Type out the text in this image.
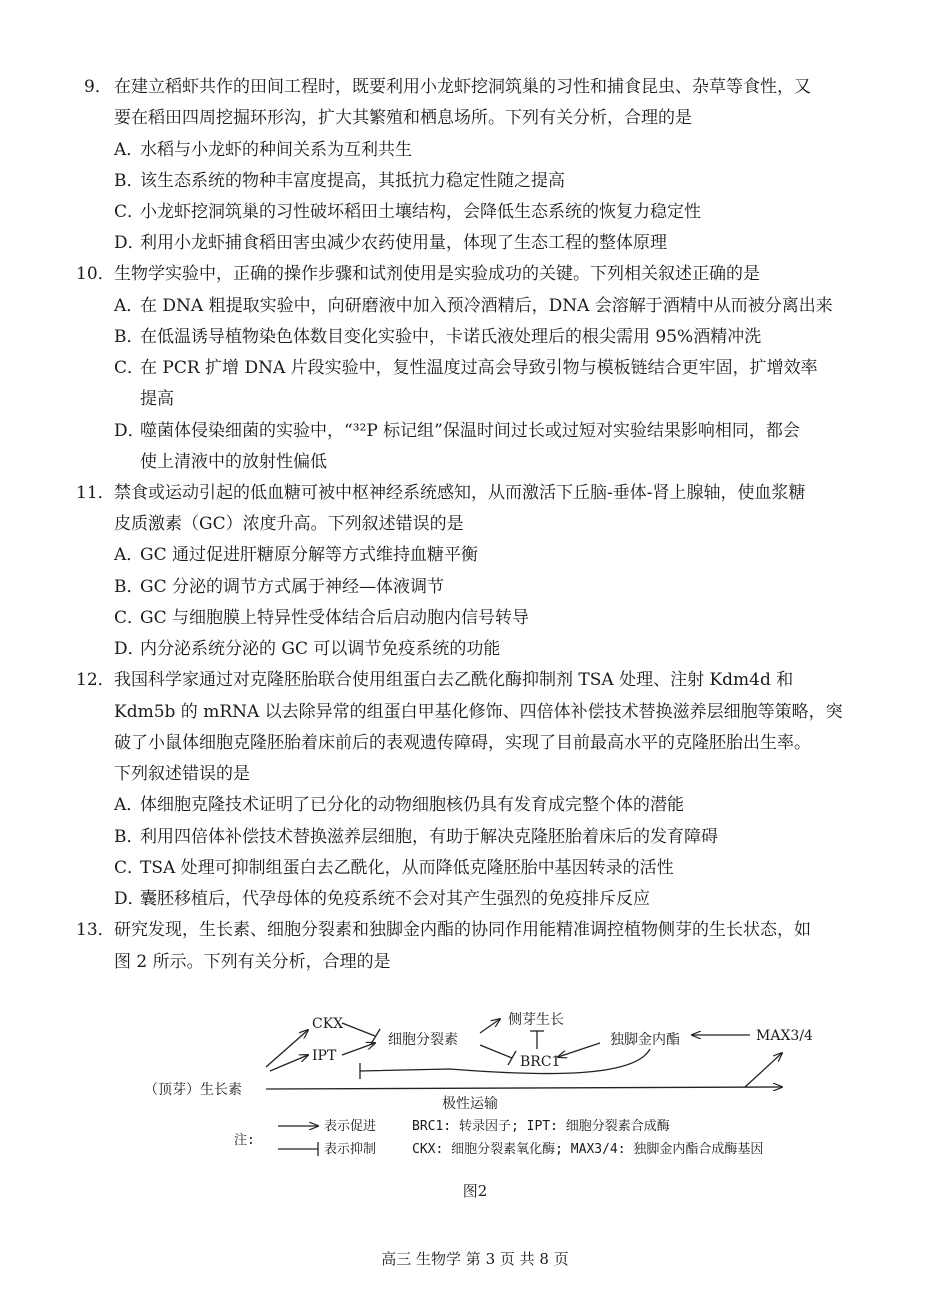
9． 在建立稻虾共作的田间工程时，既要利用小龙虾挖洞筑巢的习性和捕食昆虫、杂草等食性，又
要在稻田四周挖掘环形沟，扩大其繁殖和栖息场所。下列有关分析，合理的是
A．水稻与小龙虾的种间关系为互利共生
B．该生态系统的物种丰富度提高，其抵抗力稳定性随之提高
C．小龙虾挖洞筑巢的习性破坏稻田土壤结构，会降低生态系统的恢复力稳定性
D．利用小龙虾捕食稻田害虫减少农药使用量，体现了生态工程的整体原理
10． 生物学实验中，正确的操作步骤和试剂使用是实验成功的关键。下列相关叙述正确的是
A．在 DNA 粗提取实验中，向研磨液中加入预冷酒精后，DNA 会溶解于酒精中从而被分离出来
B．在低温诱导植物染色体数目变化实验中，卡诺氏液处理后的根尖需用 95%酒精冲洗
C．在 PCR 扩增 DNA 片段实验中，复性温度过高会导致引物与模板链结合更牢固，扩增效率
提高
D．噬菌体侵染细菌的实验中，“³²P 标记组”保温时间过长或过短对实验结果影响相同，都会
使上清液中的放射性偏低
11． 禁食或运动引起的低血糖可被中枢神经系统感知，从而激活下丘脑-垂体-肾上腺轴，使血浆糖
皮质激素（GC）浓度升高。下列叙述错误的是
A．GC 通过促进肝糖原分解等方式维持血糖平衡
B．GC 分泌的调节方式属于神经—体液调节
C．GC 与细胞膜上特异性受体结合后启动胞内信号转导
D．内分泌系统分泌的 GC 可以调节免疫系统的功能
12． 我国科学家通过对克隆胚胎联合使用组蛋白去乙酰化酶抑制剂 TSA 处理、注射 Kdm4d 和
Kdm5b 的 mRNA 以去除异常的组蛋白甲基化修饰、四倍体补偿技术替换滋养层细胞等策略，突
破了小鼠体细胞克隆胚胎着床前后的表观遗传障碍，实现了目前最高水平的克隆胚胎出生率。
下列叙述错误的是
A．体细胞克隆技术证明了已分化的动物细胞核仍具有发育成完整个体的潜能
B．利用四倍体补偿技术替换滋养层细胞，有助于解决克隆胚胎着床后的发育障碍
C．TSA 处理可抑制组蛋白去乙酰化，从而降低克隆胚胎中基因转录的活性
D．囊胚移植后，代孕母体的免疫系统不会对其产生强烈的免疫排斥反应
13． 研究发现，生长素、细胞分裂素和独脚金内酯的协同作用能精准调控植物侧芽的生长状态，如
图 2 所示。下列有关分析，合理的是
CKX
IPT
细胞分裂素
侧芽生长
BRC1
独脚金内酯	MAX3/4
（顶芽）生长素
极性运输
注:
表示促进
表示抑制
BRC1: 转录因子; IPT: 细胞分裂素合成酶
CKX: 细胞分裂素氧化酶; MAX3/4: 独脚金内酯合成酶基因
图2
高三 生物学 第 3 页 共 8 页
